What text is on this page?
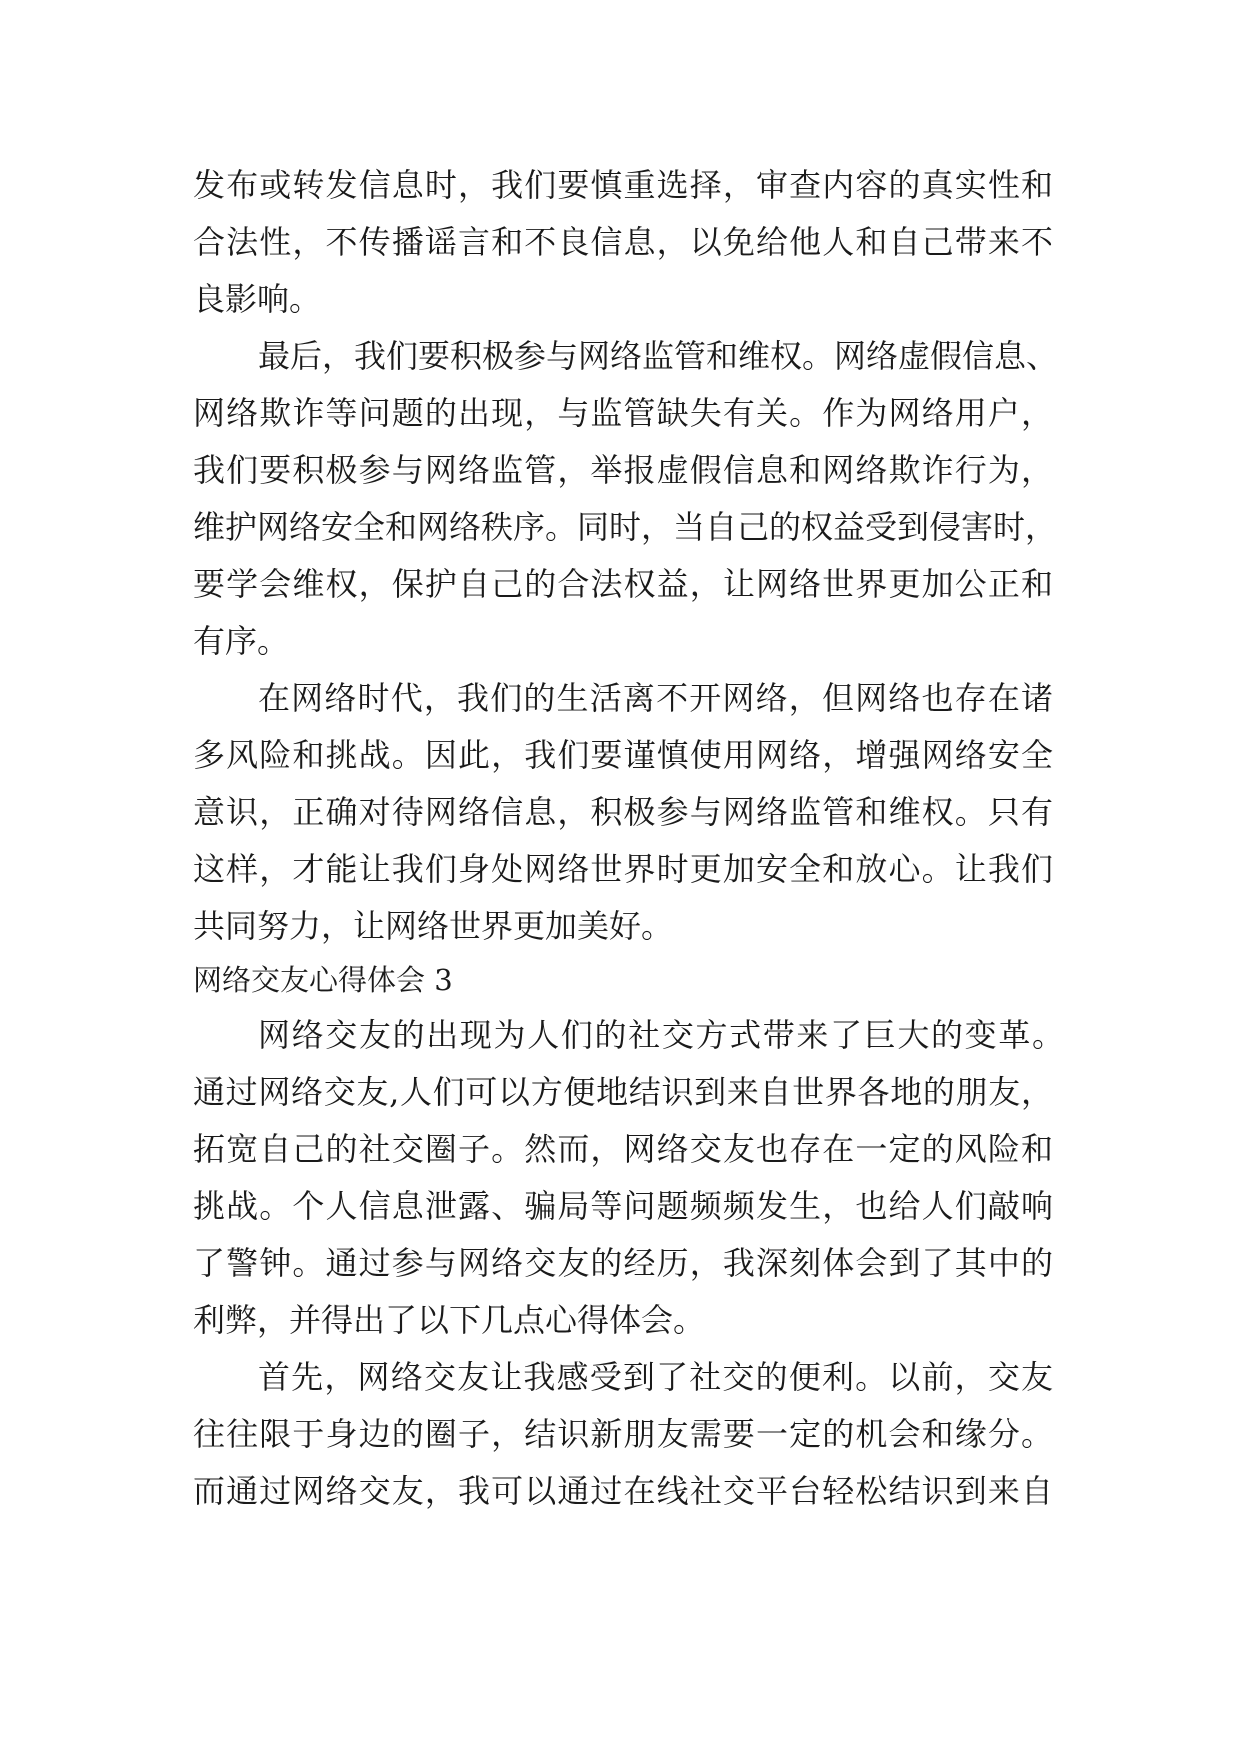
发布或转发信息时，我们要慎重选择，审查内容的真实性和
合法性，不传播谣言和不良信息，以免给他人和自己带来不
良影响。
最后，我们要积极参与网络监管和维权。网络虚假信息、
网络欺诈等问题的出现，与监管缺失有关。作为网络用户，
我们要积极参与网络监管，举报虚假信息和网络欺诈行为，
维护网络安全和网络秩序。同时，当自己的权益受到侵害时，
要学会维权，保护自己的合法权益，让网络世界更加公正和
有序。
在网络时代，我们的生活离不开网络，但网络也存在诸
多风险和挑战。因此，我们要谨慎使用网络，增强网络安全
意识，正确对待网络信息，积极参与网络监管和维权。只有
这样，才能让我们身处网络世界时更加安全和放心。让我们
共同努力，让网络世界更加美好。
网络交友心得体会 3
网络交友的出现为人们的社交方式带来了巨大的变革。
通过网络交友,人们可以方便地结识到来自世界各地的朋友，
拓宽自己的社交圈子。然而，网络交友也存在一定的风险和
挑战。个人信息泄露、骗局等问题频频发生，也给人们敲响
了警钟。通过参与网络交友的经历，我深刻体会到了其中的
利弊，并得出了以下几点心得体会。
首先，网络交友让我感受到了社交的便利。以前，交友
往往限于身边的圈子，结识新朋友需要一定的机会和缘分。
而通过网络交友，我可以通过在线社交平台轻松结识到来自
